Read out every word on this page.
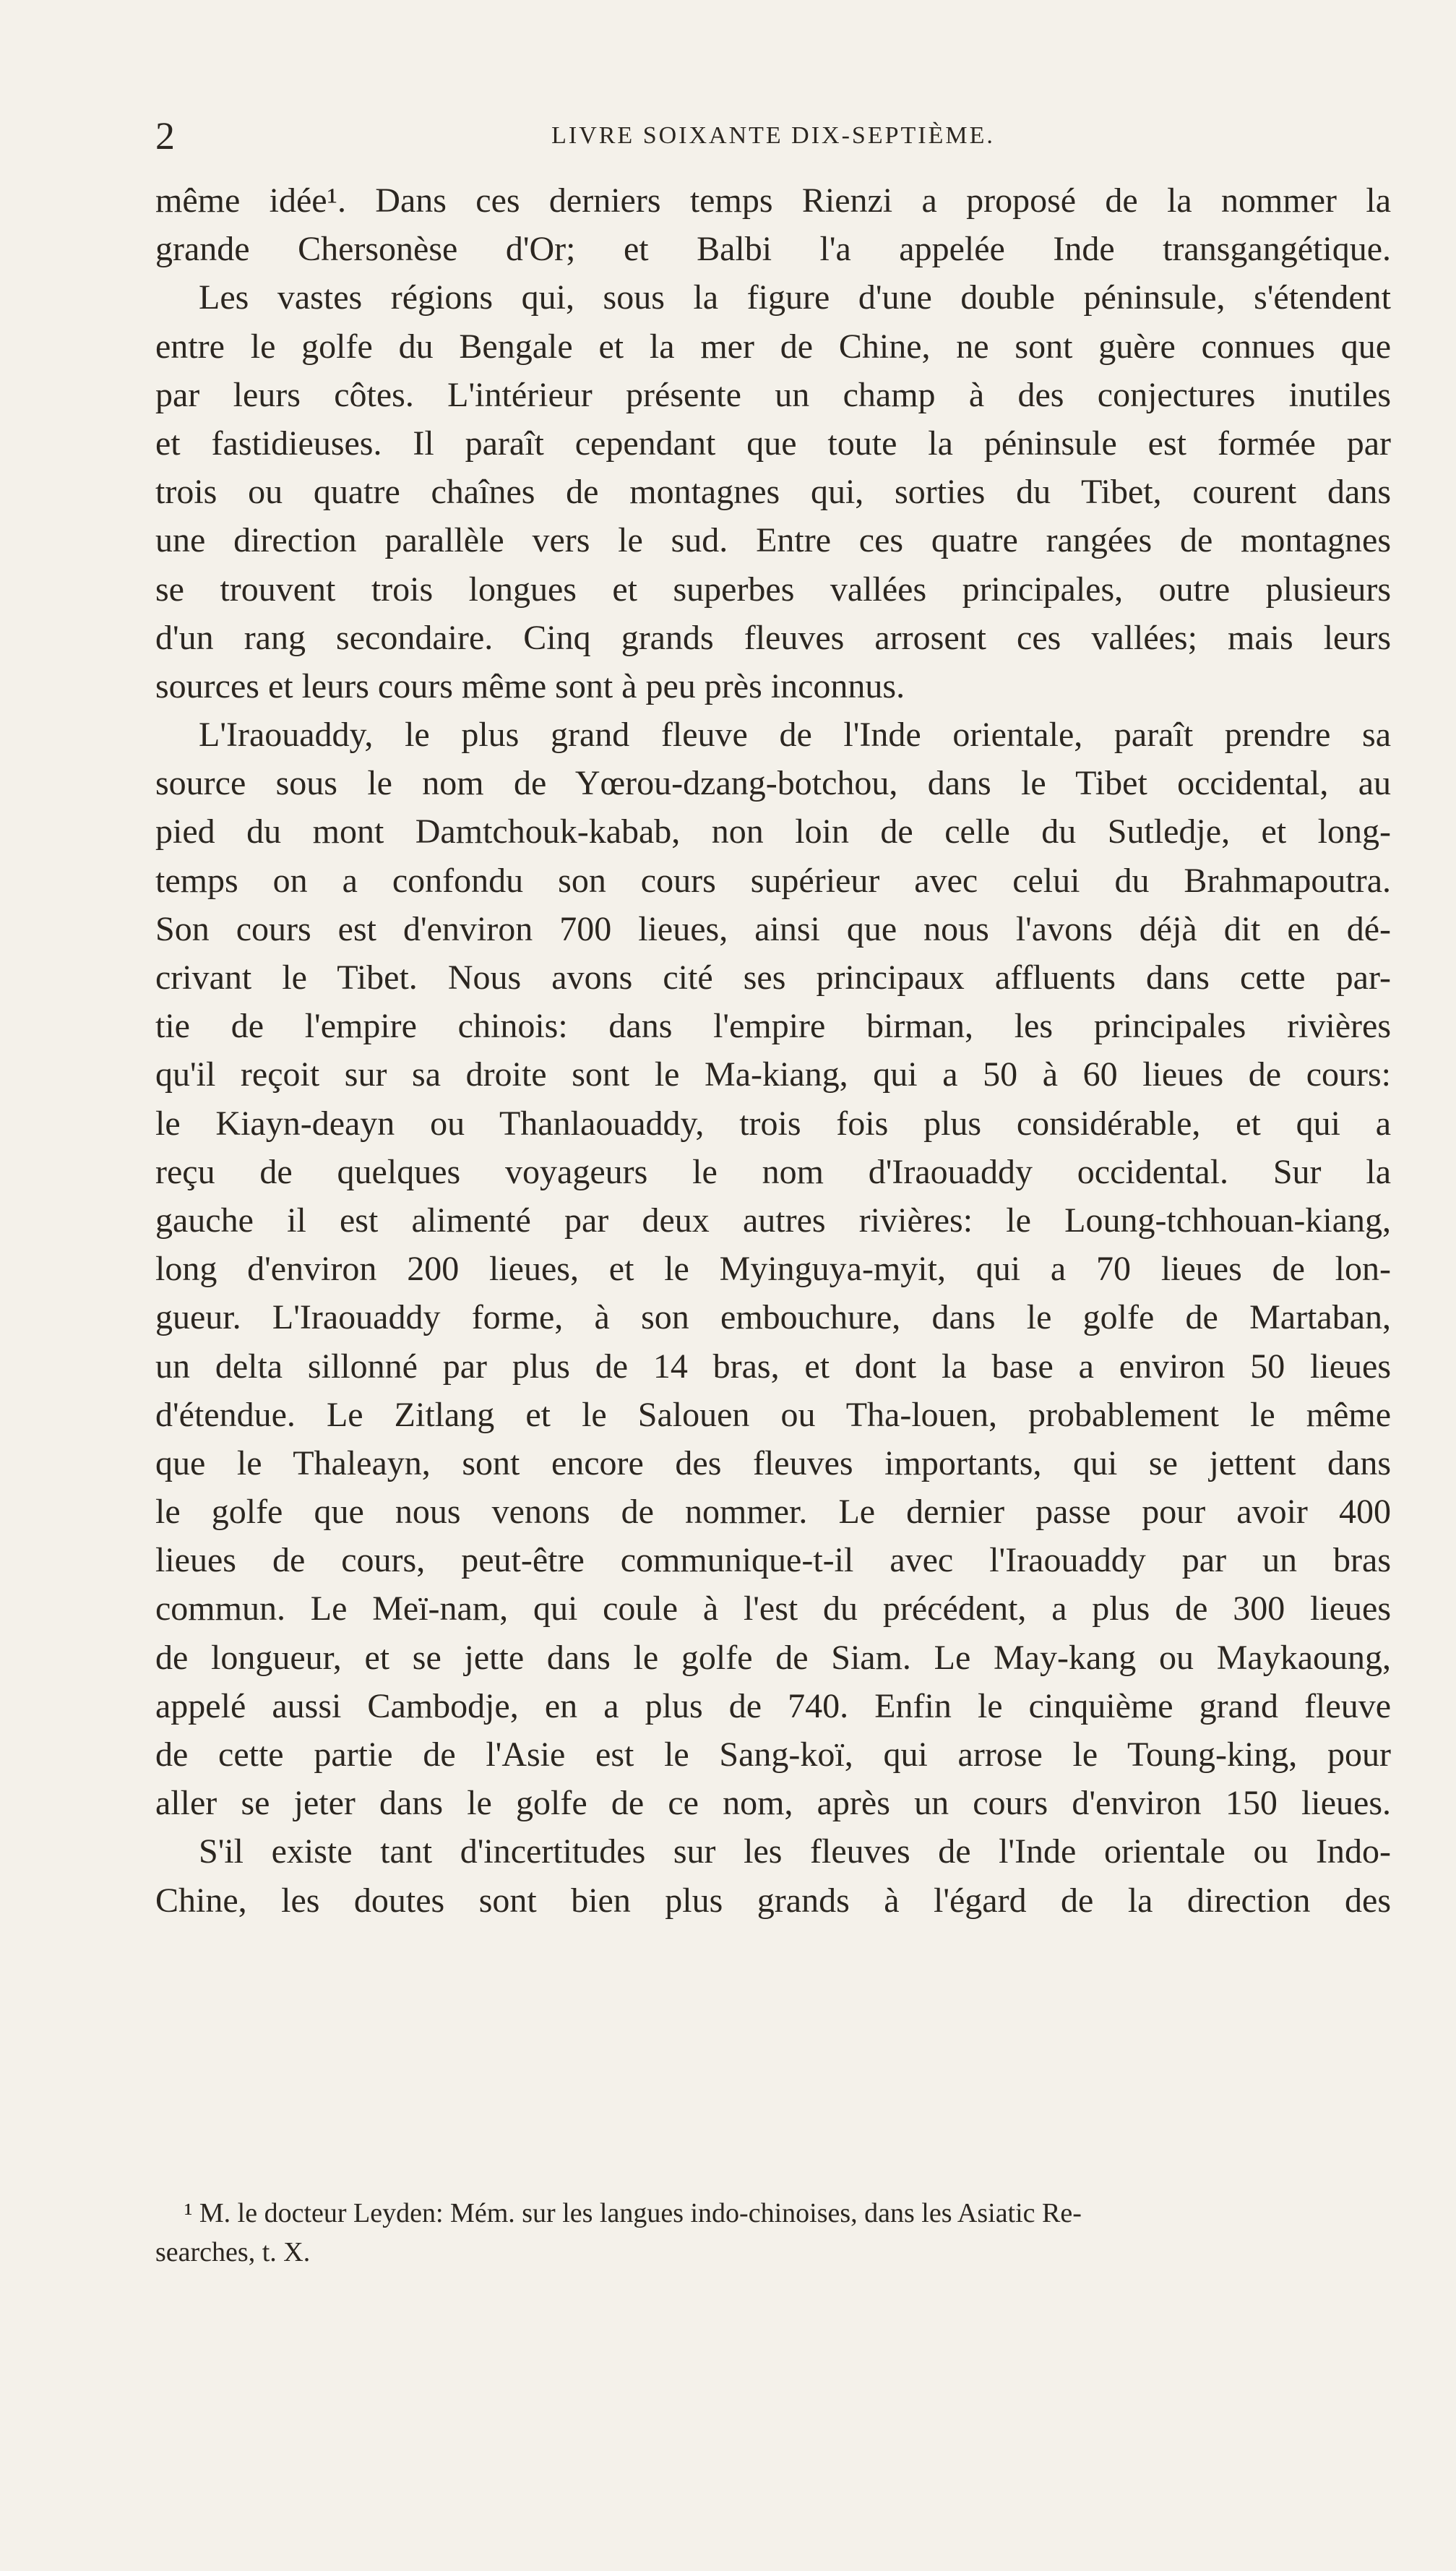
2	LIVRE SOIXANTE DIX-SEPTIÈME.
même idée¹. Dans ces derniers temps Rienzi a proposé de la nommer la
grande Chersonèse d'Or; et Balbi l'a appelée Inde transgangétique.
Les vastes régions qui, sous la figure d'une double péninsule, s'étendent
entre le golfe du Bengale et la mer de Chine, ne sont guère connues que
par leurs côtes. L'intérieur présente un champ à des conjectures inutiles
et fastidieuses. Il paraît cependant que toute la péninsule est formée par
trois ou quatre chaînes de montagnes qui, sorties du Tibet, courent dans
une direction parallèle vers le sud. Entre ces quatre rangées de montagnes
se trouvent trois longues et superbes vallées principales, outre plusieurs
d'un rang secondaire. Cinq grands fleuves arrosent ces vallées; mais leurs
sources et leurs cours même sont à peu près inconnus.
L'Iraouaddy, le plus grand fleuve de l'Inde orientale, paraît prendre sa
source sous le nom de Yœrou-dzang-botchou, dans le Tibet occidental, au
pied du mont Damtchouk-kabab, non loin de celle du Sutledje, et long-
temps on a confondu son cours supérieur avec celui du Brahmapoutra.
Son cours est d'environ 700 lieues, ainsi que nous l'avons déjà dit en dé-
crivant le Tibet. Nous avons cité ses principaux affluents dans cette par-
tie de l'empire chinois: dans l'empire birman, les principales rivières
qu'il reçoit sur sa droite sont le Ma-kiang, qui a 50 à 60 lieues de cours:
le Kiayn-deayn ou Thanlaouaddy, trois fois plus considérable, et qui a
reçu de quelques voyageurs le nom d'Iraouaddy occidental. Sur la
gauche il est alimenté par deux autres rivières: le Loung-tchhouan-kiang,
long d'environ 200 lieues, et le Myinguya-myit, qui a 70 lieues de lon-
gueur. L'Iraouaddy forme, à son embouchure, dans le golfe de Martaban,
un delta sillonné par plus de 14 bras, et dont la base a environ 50 lieues
d'étendue. Le Zitlang et le Salouen ou Tha-louen, probablement le même
que le Thaleayn, sont encore des fleuves importants, qui se jettent dans
le golfe que nous venons de nommer. Le dernier passe pour avoir 400
lieues de cours, peut-être communique-t-il avec l'Iraouaddy par un bras
commun. Le Meï-nam, qui coule à l'est du précédent, a plus de 300 lieues
de longueur, et se jette dans le golfe de Siam. Le May-kang ou Maykaoung,
appelé aussi Cambodje, en a plus de 740. Enfin le cinquième grand fleuve
de cette partie de l'Asie est le Sang-koï, qui arrose le Toung-king, pour
aller se jeter dans le golfe de ce nom, après un cours d'environ 150 lieues.
S'il existe tant d'incertitudes sur les fleuves de l'Inde orientale ou Indo-
Chine, les doutes sont bien plus grands à l'égard de la direction des
¹ M. le docteur Leyden: Mém. sur les langues indo-chinoises, dans les Asiatic Re-
searches, t. X.
